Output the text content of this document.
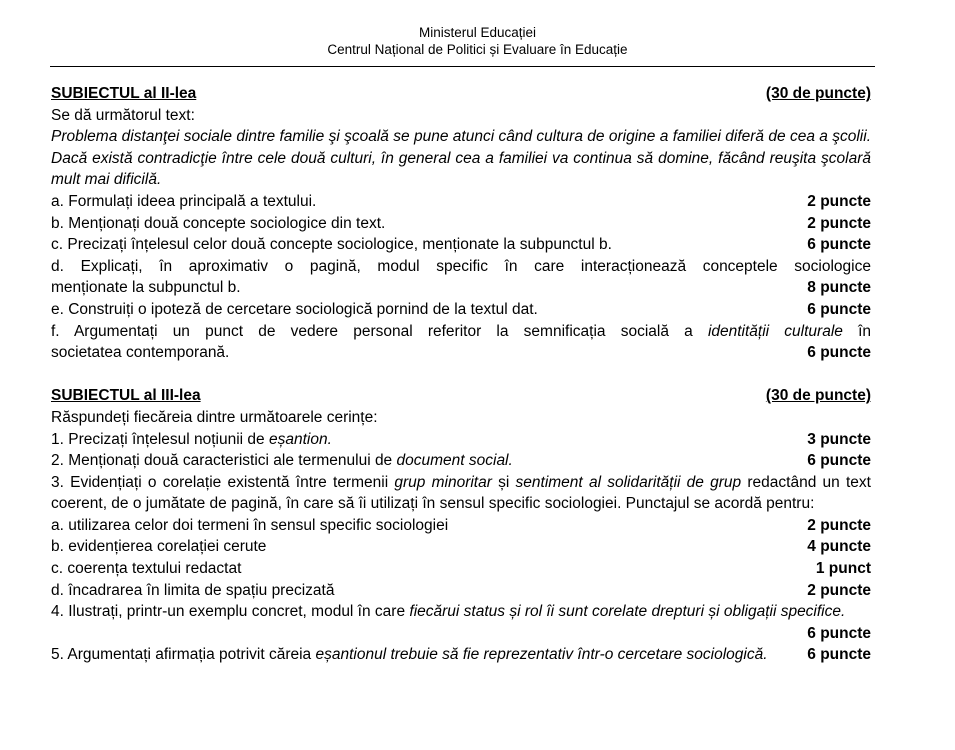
Ministerul Educației
Centrul Național de Politici și Evaluare în Educație
SUBIECTUL al II-lea	(30 de puncte)
Se dă următorul text:
Problema distanţei sociale dintre familie şi şcoală se pune atunci când cultura de origine a familiei diferă de cea a şcolii. Dacă există contradicţie între cele două culturi, în general cea a familiei va continua să domine, făcând reuşita şcolară mult mai dificilă.
a. Formulați ideea principală a textului.	2 puncte
b. Menționați două concepte sociologice din text.	2 puncte
c. Precizați înțelesul celor două concepte sociologice, menționate la subpunctul b.	6 puncte
d. Explicați, în aproximativ o pagină, modul specific în care interacționează conceptele sociologice
menționate la subpunctul b.	8 puncte
e. Construiți o ipoteză de cercetare sociologică pornind de la textul dat.	6 puncte
f. Argumentați un punct de vedere personal referitor la semnificația socială a identității culturale în
societatea contemporană.	6 puncte
SUBIECTUL al III-lea	(30 de puncte)
Răspundeți fiecăreia dintre următoarele cerințe:
1. Precizați înțelesul noțiunii de eșantion.	3 puncte
2. Menționați două caracteristici ale termenului de document social.	6 puncte
3. Evidențiați o corelație existentă între termenii grup minoritar și sentiment al solidarității de grup redactând un text coerent, de o jumătate de pagină, în care să îi utilizați în sensul specific sociologiei. Punctajul se acordă pentru:
a. utilizarea celor doi termeni în sensul specific sociologiei	2 puncte
b. evidențierea corelației cerute	4 puncte
c. coerența textului redactat	1 punct
d. încadrarea în limita de spațiu precizată	2 puncte
4. Ilustrați, printr-un exemplu concret, modul în care fiecărui status și rol îi sunt corelate drepturi și obligații specifice.
6 puncte
5. Argumentați afirmația potrivit căreia eșantionul trebuie să fie reprezentativ într-o cercetare sociologică.	6 puncte
